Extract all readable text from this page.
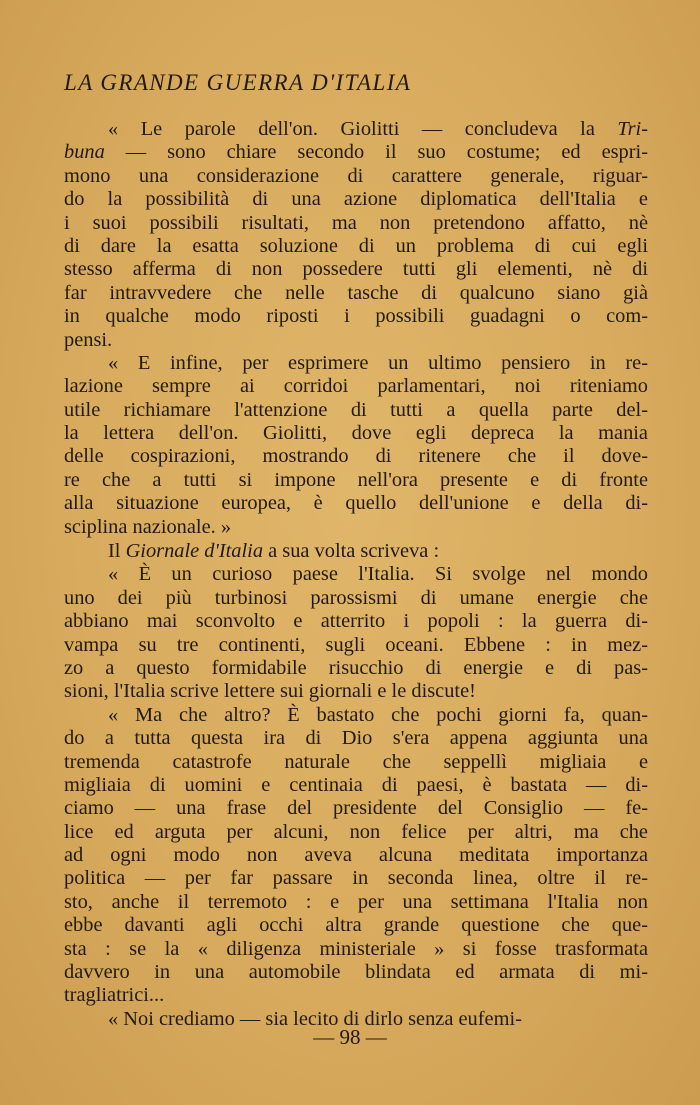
LA GRANDE GUERRA D'ITALIA
« Le parole dell'on. Giolitti — concludeva la Tri-
buna — sono chiare secondo il suo costume; ed espri-
mono una considerazione di carattere generale, riguar-
do la possibilità di una azione diplomatica dell'Italia e
i suoi possibili risultati, ma non pretendono affatto, nè
di dare la esatta soluzione di un problema di cui egli
stesso afferma di non possedere tutti gli elementi, nè di
far intravvedere che nelle tasche di qualcuno siano già
in qualche modo riposti i possibili guadagni o com-
pensi.
« E infine, per esprimere un ultimo pensiero in re-
lazione sempre ai corridoi parlamentari, noi riteniamo
utile richiamare l'attenzione di tutti a quella parte del-
la lettera dell'on. Giolitti, dove egli depreca la mania
delle cospirazioni, mostrando di ritenere che il dove-
re che a tutti si impone nell'ora presente e di fronte
alla situazione europea, è quello dell'unione e della di-
sciplina nazionale. »
Il Giornale d'Italia a sua volta scriveva :
« È un curioso paese l'Italia. Si svolge nel mondo
uno dei più turbinosi parossismi di umane energie che
abbiano mai sconvolto e atterrito i popoli : la guerra di-
vampa su tre continenti, sugli oceani. Ebbene : in mez-
zo a questo formidabile risucchio di energie e di pas-
sioni, l'Italia scrive lettere sui giornali e le discute!
« Ma che altro? È bastato che pochi giorni fa, quan-
do a tutta questa ira di Dio s'era appena aggiunta una
tremenda catastrofe naturale che seppellì migliaia e
migliaia di uomini e centinaia di paesi, è bastata — di-
ciamo — una frase del presidente del Consiglio — fe-
lice ed arguta per alcuni, non felice per altri, ma che
ad ogni modo non aveva alcuna meditata importanza
politica — per far passare in seconda linea, oltre il re-
sto, anche il terremoto : e per una settimana l'Italia non
ebbe davanti agli occhi altra grande questione che que-
sta : se la « diligenza ministeriale » si fosse trasformata
davvero in una automobile blindata ed armata di mi-
tragliatrici...
« Noi crediamo — sia lecito di dirlo senza eufemi-
— 98 —
